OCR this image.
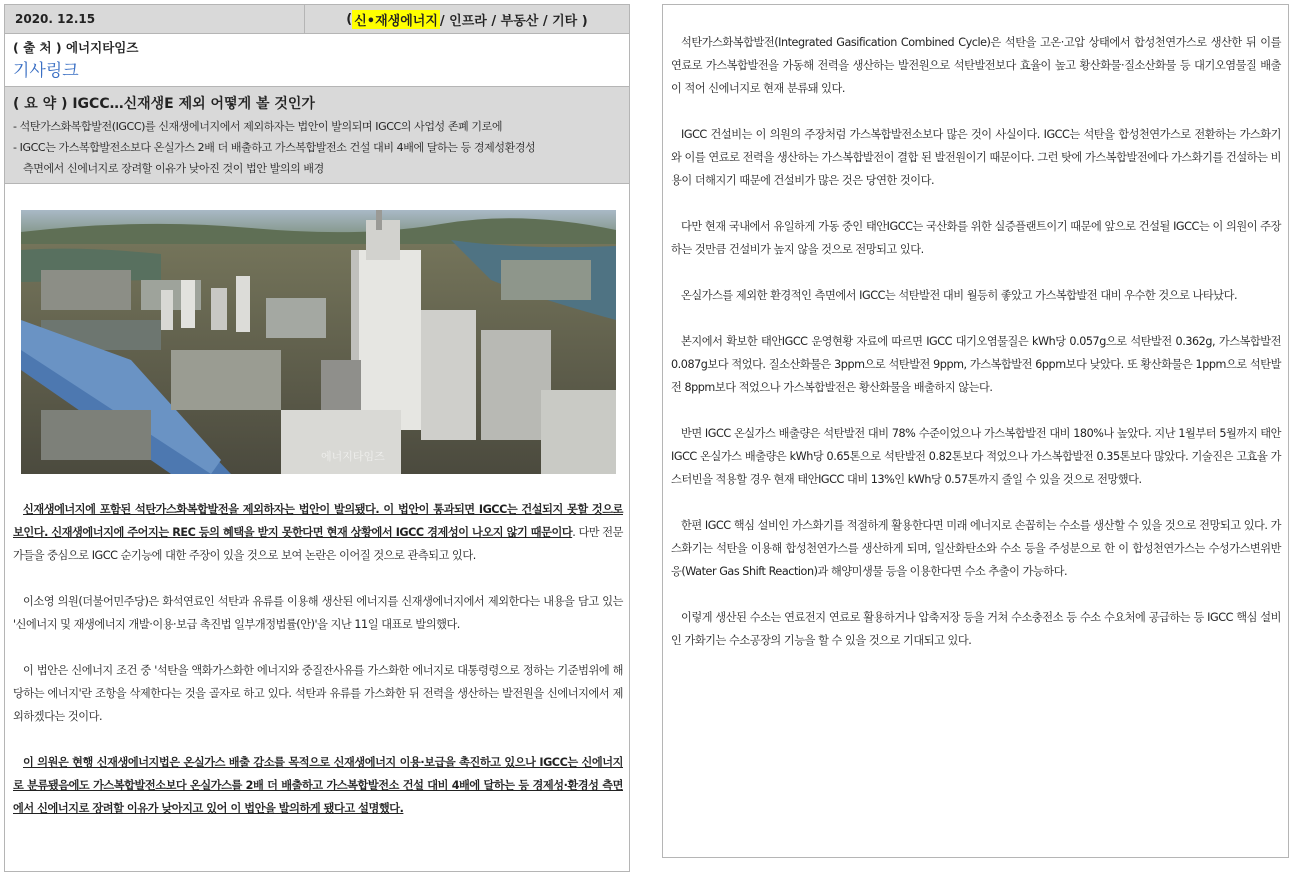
2020. 12.15	( 신•재생에너지 / 인프라 / 부동산 / 기타 )
( 출 처 ) 에너지타임즈
기사링크
( 요 약 ) IGCC…신재생E 제외 어떻게 볼 것인가
- 석탄가스화복합발전(IGCC)를 신재생에너지에서 제외하자는 법안이 발의되며 IGCC의 사업성 존폐 기로에
- IGCC는 가스복합발전소보다 온실가스 2배 더 배출하고 가스복합발전소 건설 대비 4배에 달하는 등 경제성환경성
측면에서 신에너지로 장려할 이유가 낮아진 것이 법안 발의의 배경
에너지타임즈

신재생에너지에 포함된 석탄가스화복합발전을 제외하자는 법안이 발의됐다. 이 법안이 통과되면 IGCC는 건설되지 못할 것으로 보인다. 신재생에너지에 주어지는 REC 등의 혜택을 받지 못한다면 현재 상황에서 IGCC 경제성이 나오지 않기 때문이다. 다만 전문가들을 중심으로 IGCC 순기능에 대한 주장이 있을 것으로 보여 논란은 이어질 것으로 관측되고 있다.

이소영 의원(더불어민주당)은 화석연료인 석탄과 유류를 이용해 생산된 에너지를 신재생에너지에서 제외한다는 내용을 담고 있는 '신에너지 및 재생에너지 개발·이용·보급 촉진법 일부개정법률(안)'을 지난 11일 대표로 발의했다.

이 법안은 신에너지 조건 중 '석탄을 액화가스화한 에너지와 중질잔사유를 가스화한 에너지로 대통령령으로 정하는 기준범위에 해당하는 에너지'란 조항을 삭제한다는 것을 골자로 하고 있다. 석탄과 유류를 가스화한 뒤 전력을 생산하는 발전원을 신에너지에서 제외하겠다는 것이다.

이 의원은 현행 신재생에너지법은 온실가스 배출 감소를 목적으로 신재생에너지 이용·보급을 촉진하고 있으나 IGCC는 신에너지로 분류됐음에도 가스복합발전소보다 온실가스를 2배 더 배출하고 가스복합발전소 건설 대비 4배에 달하는 등 경제성·환경성 측면에서 신에너지로 장려할 이유가 낮아지고 있어 이 법안을 발의하게 됐다고 설명했다.

석탄가스화복합발전(Integrated Gasification Combined Cycle)은 석탄을 고온·고압 상태에서 합성천연가스로 생산한 뒤 이를 연료로 가스복합발전을 가동해 전력을 생산하는 발전원으로 석탄발전보다 효율이 높고 황산화물·질소산화물 등 대기오염물질 배출이 적어 신에너지로 현재 분류돼 있다.

IGCC 건설비는 이 의원의 주장처럼 가스복합발전소보다 많은 것이 사실이다. IGCC는 석탄을 합성천연가스로 전환하는 가스화기와 이를 연료로 전력을 생산하는 가스복합발전이 결합 된 발전원이기 때문이다. 그런 탓에 가스복합발전에다 가스화기를 건설하는 비용이 더해지기 때문에 건설비가 많은 것은 당연한 것이다.

다만 현재 국내에서 유일하게 가동 중인 태안IGCC는 국산화를 위한 실증플랜트이기 때문에 앞으로 건설될 IGCC는 이 의원이 주장하는 것만큼 건설비가 높지 않을 것으로 전망되고 있다.

온실가스를 제외한 환경적인 측면에서 IGCC는 석탄발전 대비 월등히 좋았고 가스복합발전 대비 우수한 것으로 나타났다.

본지에서 확보한 태안IGCC 운영현황 자료에 따르면 IGCC 대기오염물질은 kWh당 0.057g으로 석탄발전 0.362g, 가스복합발전 0.087g보다 적었다. 질소산화물은 3ppm으로 석탄발전 9ppm, 가스복합발전 6ppm보다 낮았다. 또 황산화물은 1ppm으로 석탄발전 8ppm보다 적었으나 가스복합발전은 황산화물을 배출하지 않는다.

반면 IGCC 온실가스 배출량은 석탄발전 대비 78% 수준이었으나 가스복합발전 대비 180%나 높았다. 지난 1월부터 5월까지 태안IGCC 온실가스 배출량은 kWh당 0.65톤으로 석탄발전 0.82톤보다 적었으나 가스복합발전 0.35톤보다 많았다. 기술진은 고효율 가스터빈을 적용할 경우 현재 태안IGCC 대비 13%인 kWh당 0.57톤까지 줄일 수 있을 것으로 전망했다.

한편 IGCC 핵심 설비인 가스화기를 적절하게 활용한다면 미래 에너지로 손꼽히는 수소를 생산할 수 있을 것으로 전망되고 있다. 가스화기는 석탄을 이용해 합성천연가스를 생산하게 되며, 일산화탄소와 수소 등을 주성분으로 한 이 합성천연가스는 수성가스변위반응(Water Gas Shift Reaction)과 해양미생물 등을 이용한다면 수소 추출이 가능하다.

이렇게 생산된 수소는 연료전지 연료로 활용하거나 압축저장 등을 거쳐 수소충전소 등 수소 수요처에 공급하는 등 IGCC 핵심 설비인 가화기는 수소공장의 기능을 할 수 있을 것으로 기대되고 있다.
